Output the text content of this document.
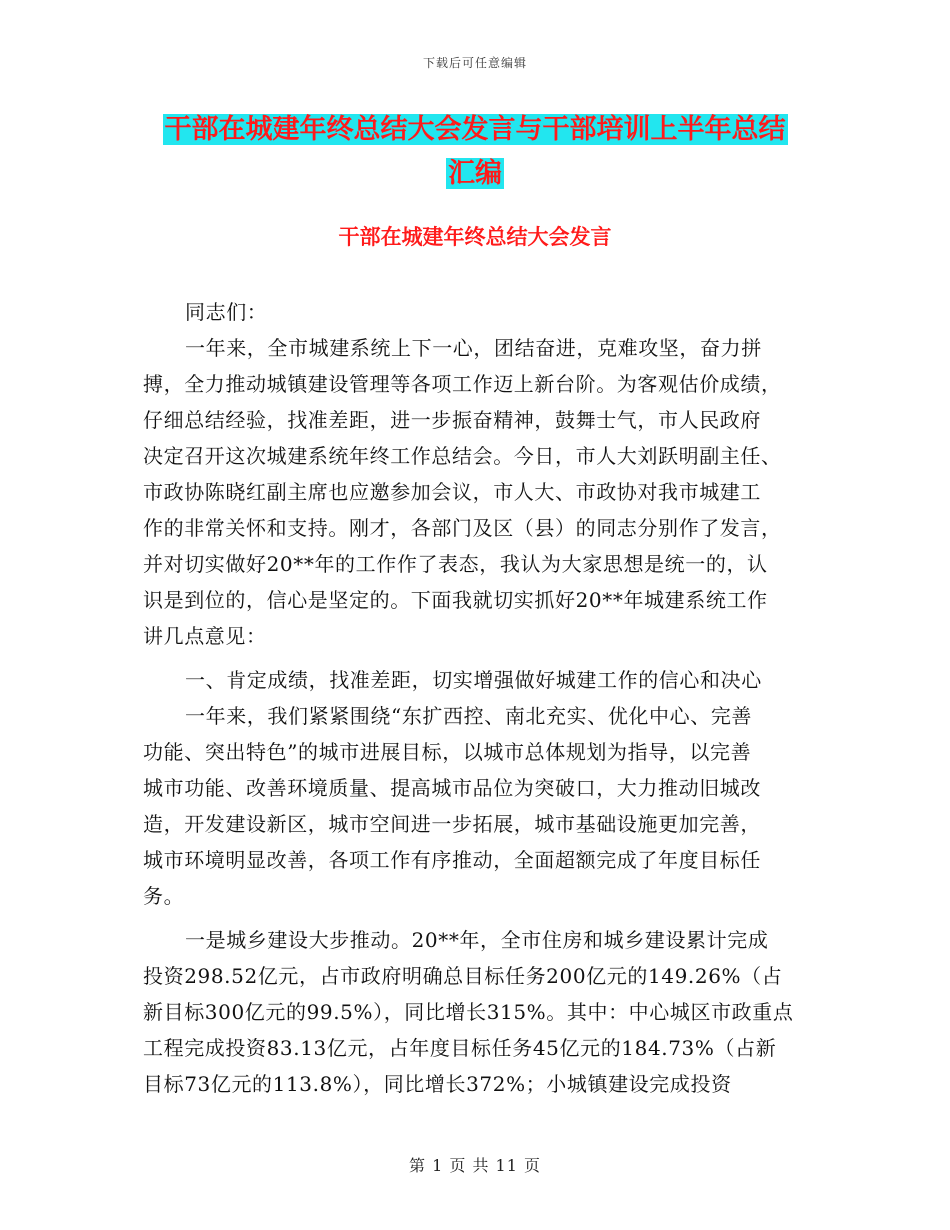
下载后可任意编辑
干部在城建年终总结大会发言与干部培训上半年总结
汇编
干部在城建年终总结大会发言
同志们：
一年来，全市城建系统上下一心，团结奋进，克难攻坚，奋力拼
搏，全力推动城镇建设管理等各项工作迈上新台阶。为客观估价成绩，
仔细总结经验，找准差距，进一步振奋精神，鼓舞士气，市人民政府
决定召开这次城建系统年终工作总结会。今日，市人大刘跃明副主任、
市政协陈晓红副主席也应邀参加会议，市人大、市政协对我市城建工
作的非常关怀和支持。刚才，各部门及区（县）的同志分别作了发言，
并对切实做好20**年的工作作了表态，我认为大家思想是统一的，认
识是到位的，信心是坚定的。下面我就切实抓好20**年城建系统工作
讲几点意见：
一、肯定成绩，找准差距，切实增强做好城建工作的信心和决心
一年来，我们紧紧围绕“东扩西控、南北充实、优化中心、完善
功能、突出特色”的城市进展目标，以城市总体规划为指导，以完善
城市功能、改善环境质量、提高城市品位为突破口，大力推动旧城改
造，开发建设新区，城市空间进一步拓展，城市基础设施更加完善，
城市环境明显改善，各项工作有序推动，全面超额完成了年度目标任
务。
一是城乡建设大步推动。20**年，全市住房和城乡建设累计完成
投资298.52亿元，占市政府明确总目标任务200亿元的149.26%（占
新目标300亿元的99.5%），同比增长315%。其中：中心城区市政重点
工程完成投资83.13亿元，占年度目标任务45亿元的184.73%（占新
目标73亿元的113.8%），同比增长372%；小城镇建设完成投资
第 1 页 共 11 页
